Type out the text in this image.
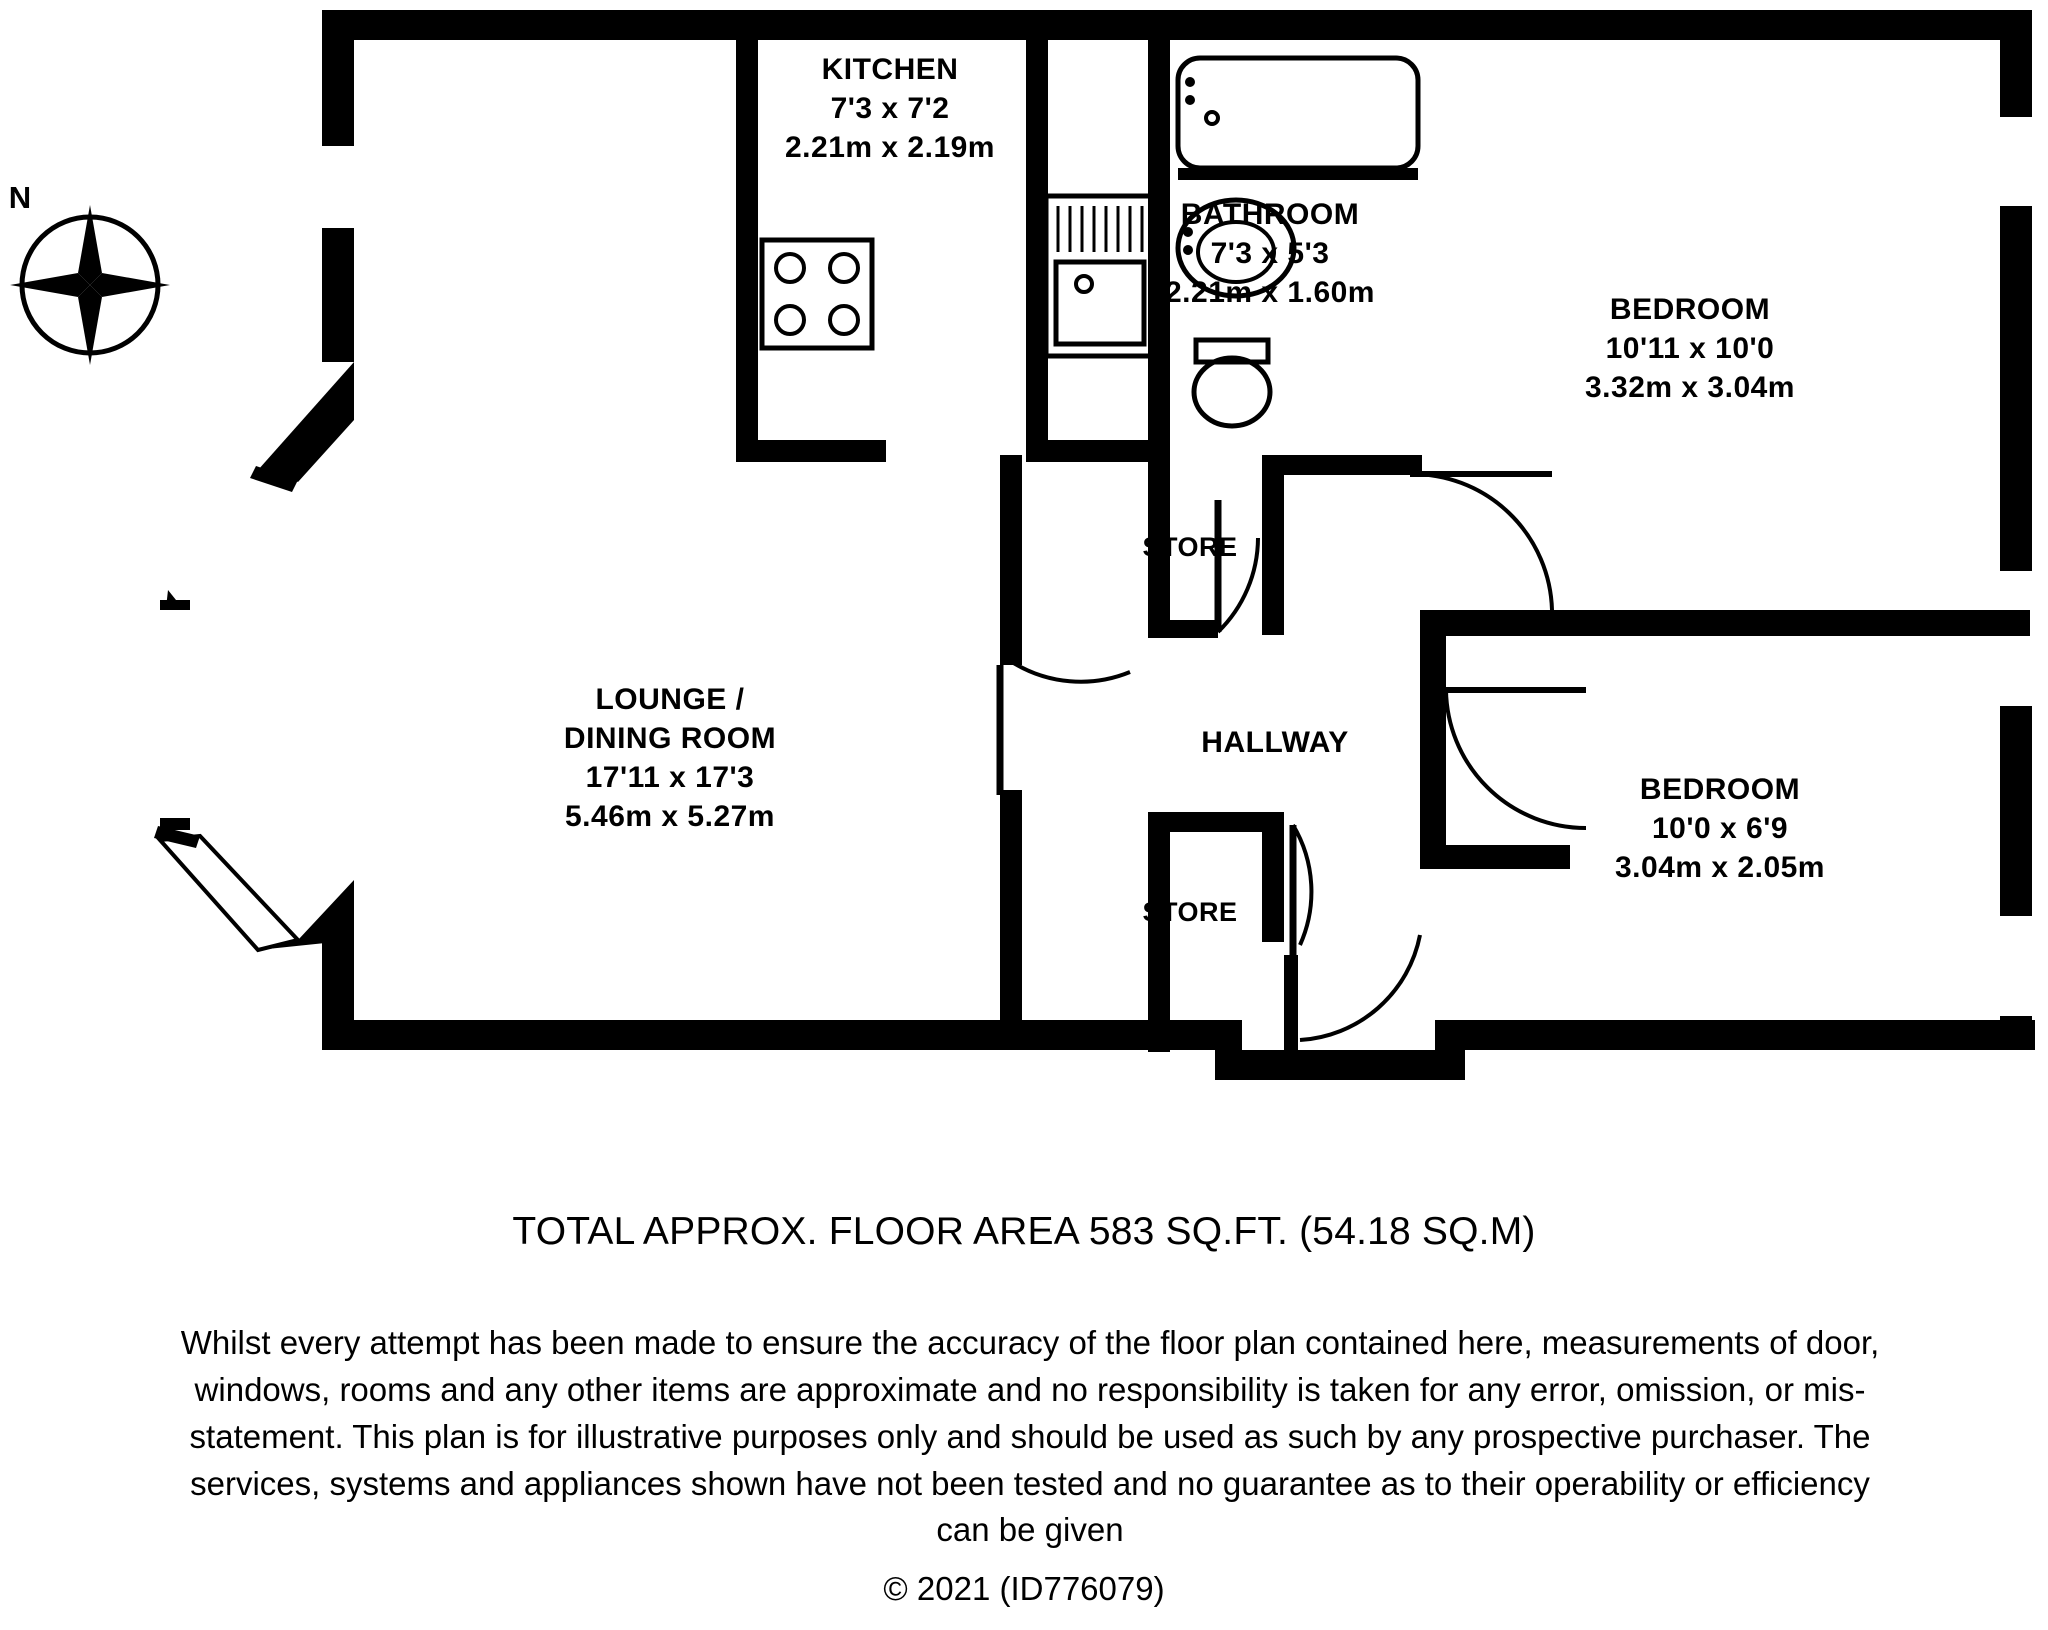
N
KITCHEN
7'3 x 7'2
2.21m x 2.19m
BATHROOM
7'3 x 5'3
2.21m x 1.60m
BEDROOM
10'11 x 10'0
3.32m x 3.04m
BEDROOM
10'0 x 6'9
3.04m x 2.05m
LOUNGE /
DINING ROOM
17'11 x 17'3
5.46m x 5.27m
STORE
STORE
HALLWAY
TOTAL APPROX. FLOOR AREA 583 SQ.FT. (54.18 SQ.M)
Whilst every attempt has been made to ensure the accuracy of the floor plan contained here, measurements of door, windows, rooms and any other items are approximate and no responsibility is taken for any error, omission, or mis-statement. This plan is for illustrative purposes only and should be used as such by any prospective purchaser. The services, systems and appliances shown have not been tested and no guarantee as to their operability or efficiency can be given
© 2021 (ID776079)
